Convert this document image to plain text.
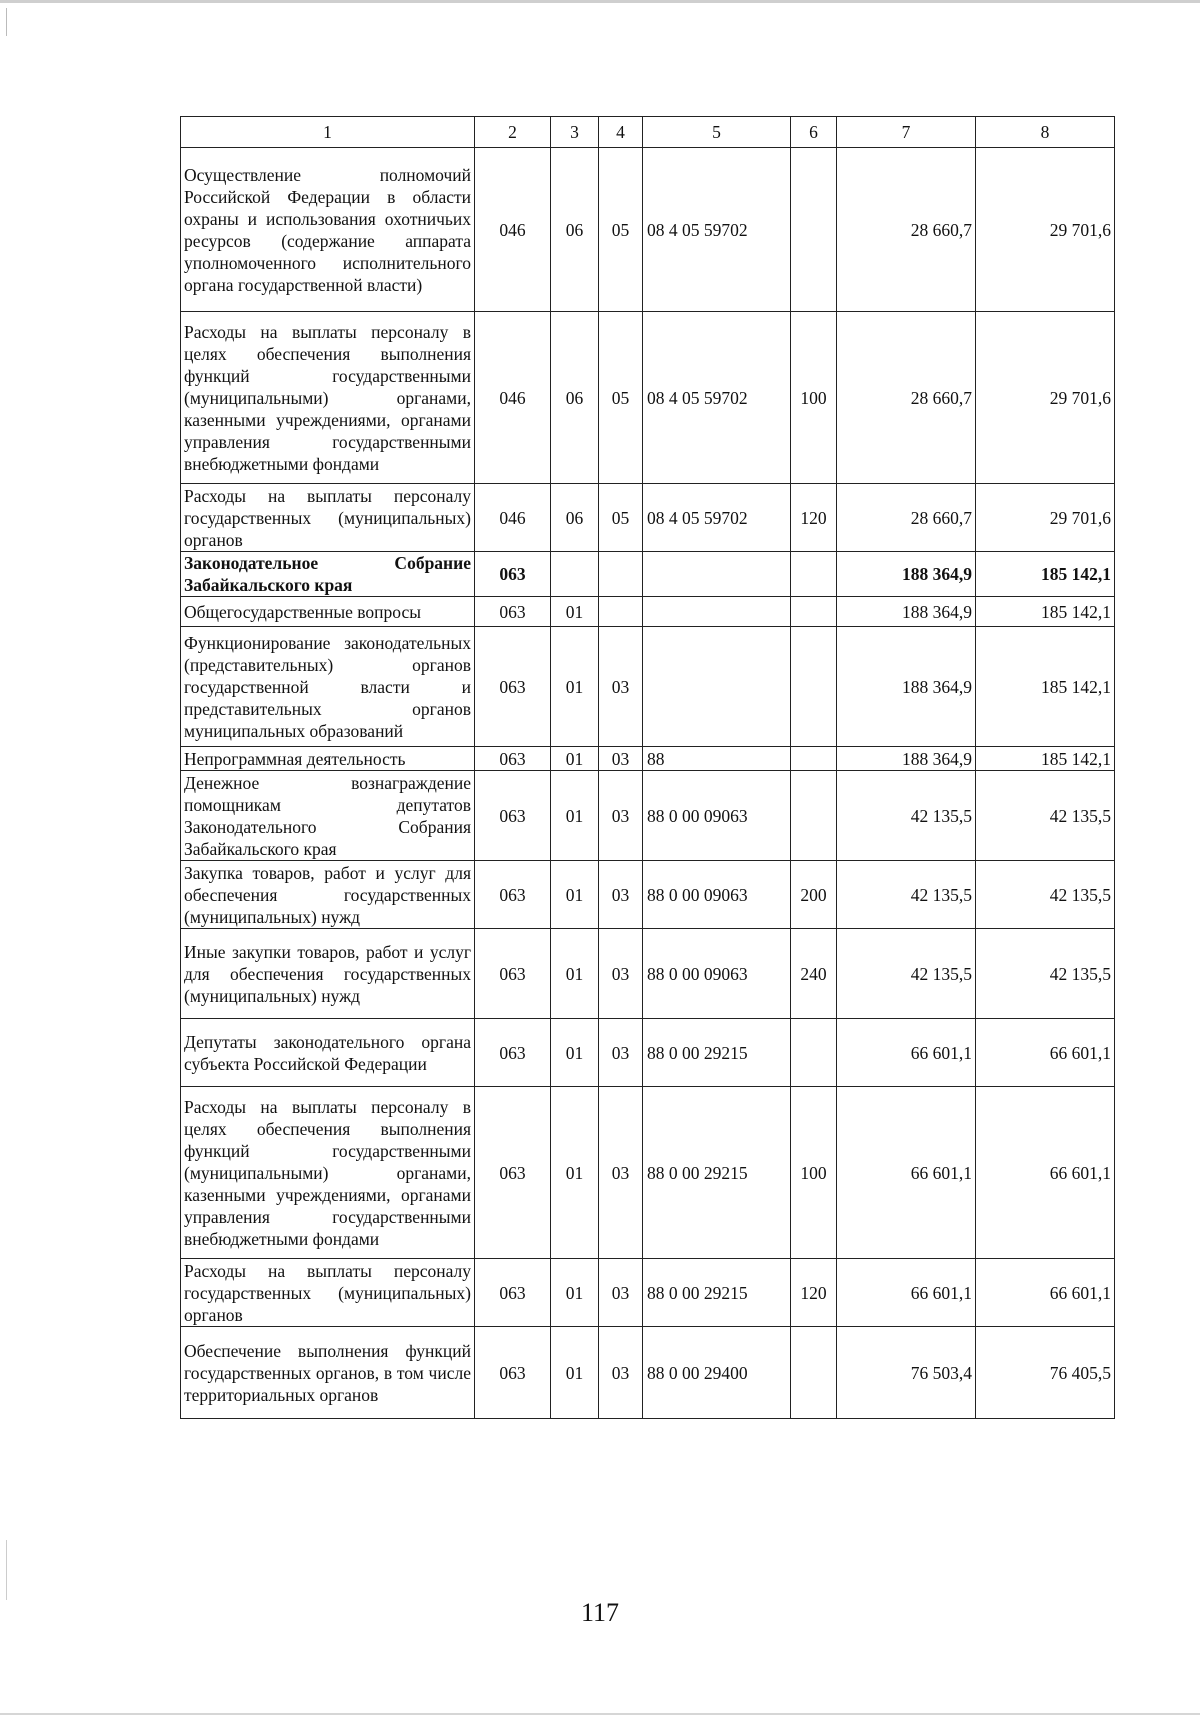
1	2	3	4	5	6	7	8
Осуществление полномочий Российской Федерации в области охраны и использования охотничьих ресурсов (содержание аппарата уполномоченного исполнительного органа государственной власти)	046	06	05	08 4 05 59702		28 660,7	29 701,6
Расходы на выплаты персоналу в целях обеспечения выполнения функций государственными (муниципальными) органами, казенными учреждениями, органами управления государственными внебюджетными фондами	046	06	05	08 4 05 59702	100	28 660,7	29 701,6
Расходы на выплаты персоналу государственных (муниципальных) органов	046	06	05	08 4 05 59702	120	28 660,7	29 701,6
Законодательное Собрание Забайкальского края	063					188 364,9	185 142,1
Общегосударственные вопросы	063	01				188 364,9	185 142,1
Функционирование законодательных (представительных) органов государственной власти и представительных органов муниципальных образований	063	01	03			188 364,9	185 142,1
Непрограммная деятельность	063	01	03	88		188 364,9	185 142,1
Денежное вознаграждение помощникам депутатов Законодательного Собрания Забайкальского края	063	01	03	88 0 00 09063		42 135,5	42 135,5
Закупка товаров, работ и услуг для обеспечения государственных (муниципальных) нужд	063	01	03	88 0 00 09063	200	42 135,5	42 135,5
Иные закупки товаров, работ и услуг для обеспечения государственных (муниципальных) нужд	063	01	03	88 0 00 09063	240	42 135,5	42 135,5
Депутаты законодательного органа субъекта Российской Федерации	063	01	03	88 0 00 29215		66 601,1	66 601,1
Расходы на выплаты персоналу в целях обеспечения выполнения функций государственными (муниципальными) органами, казенными учреждениями, органами управления государственными внебюджетными фондами	063	01	03	88 0 00 29215	100	66 601,1	66 601,1
Расходы на выплаты персоналу государственных (муниципальных) органов	063	01	03	88 0 00 29215	120	66 601,1	66 601,1
Обеспечение выполнения функций государственных органов, в том числе территориальных органов	063	01	03	88 0 00 29400		76 503,4	76 405,5
117
